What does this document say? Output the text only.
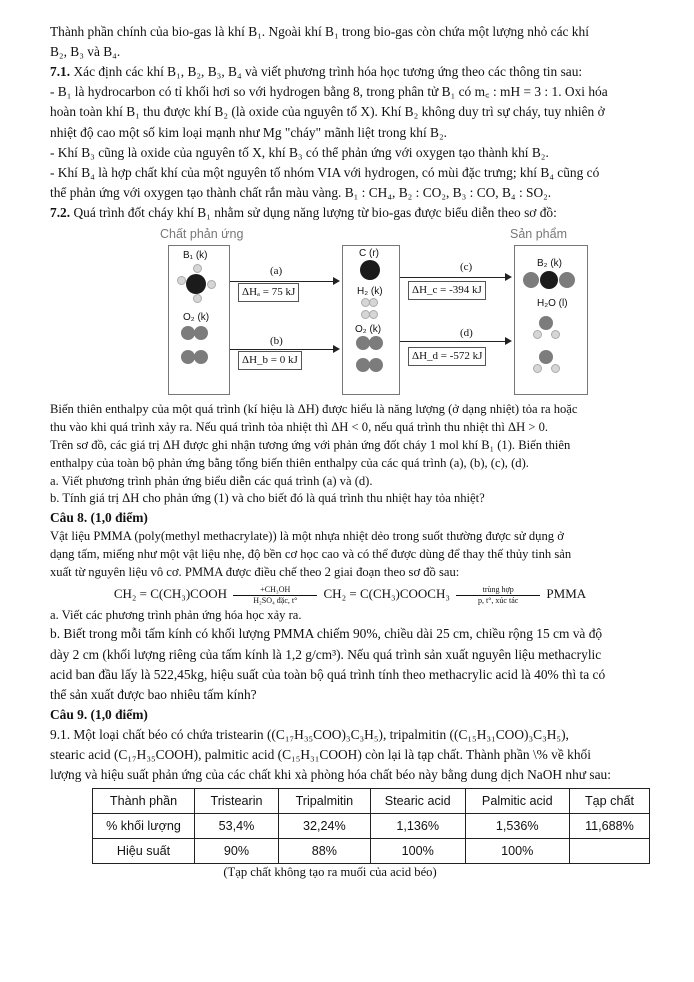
Thành phần chính của bio-gas là khí B₁. Ngoài khí B₁ trong bio-gas còn chứa một lượng nhỏ các khí

B₂, B₃ và B₄.

7.1. Xác định các khí B₁, B₂, B₃, B₄ và viết phương trình hóa học tương ứng theo các thông tin sau:

- B₁ là hydrocarbon có tỉ khối hơi so với hydrogen bằng 8, trong phân tử B₁ có m꜀ : mH = 3 : 1. Oxi hóa

hoàn toàn khí B₁ thu được khí B₂ (là oxide của nguyên tố X). Khí B₂ không duy trì sự cháy, tuy nhiên ở

nhiệt độ cao một số kim loại mạnh như Mg "cháy" mãnh liệt trong khí B₂.

- Khí B₃ cũng là oxide của nguyên tố X, khí B₃ có thể phản ứng với oxygen tạo thành khí B₂.

- Khí B₄ là hợp chất khí của một nguyên tố nhóm VIA với hydrogen, có mùi đặc trưng; khí B₄ cũng có

thể phản ứng với oxygen tạo thành chất rắn màu vàng. B₁ : CH₄, B₂ : CO₂, B₃ : CO, B₄ : SO₂.

7.2. Quá trình đốt cháy khí B₁ nhằm sử dụng năng lượng từ bio-gas được biểu diễn theo sơ đồ:

Chất phản ứng	Sản phẩm
B₁ (k)
O₂ (k)
(a)
ΔHₐ = 75 kJ
(b)
ΔH_b = 0 kJ
C (r)
H₂ (k)
O₂ (k)
(c)
ΔH_c = -394 kJ
(d)
ΔH_d = -572 kJ
B₂ (k)
H₂O (l)

Biến thiên enthalpy của một quá trình (kí hiệu là ΔH) được hiểu là năng lượng (ở dạng nhiệt) tỏa ra hoặc

thu vào khi quá trình xảy ra. Nếu quá trình tỏa nhiệt thì ΔH < 0, nếu quá trình thu nhiệt thì ΔH > 0.

Trên sơ đồ, các giá trị ΔH được ghi nhận tương ứng với phản ứng đốt cháy 1 mol khí B₁ (1). Biến thiên

enthalpy của toàn bộ phản ứng bằng tổng biến thiên enthalpy của các quá trình (a), (b), (c), (d).

a. Viết phương trình phản ứng biểu diễn các quá trình (a) và (d).

b. Tính giá trị ΔH cho phản ứng (1) và cho biết đó là quá trình thu nhiệt hay tỏa nhiệt?

Câu 8. (1,0 điểm)

Vật liệu PMMA (poly(methyl methacrylate)) là một nhựa nhiệt dẻo trong suốt thường được sử dụng ở

dạng tấm, miếng như một vật liệu nhẹ, độ bền cơ học cao và có thể được dùng để thay thế thủy tinh sản

xuất từ nguyên liệu vô cơ. PMMA được điều chế theo 2 giai đoạn theo sơ đồ sau:

CH₂ = C(CH₃)COOH	+CH₃OH
H₂SO₄ đặc, t°	CH₂ = C(CH₃)COOCH₃	trùng hợp
p, t°, xúc tác	PMMA

a. Viết các phương trình phản ứng hóa học xảy ra.

b. Biết trong mỗi tấm kính có khối lượng PMMA chiếm 90%, chiều dài 25 cm, chiều rộng 15 cm và độ

dày 2 cm (khối lượng riêng của tấm kính là 1,2 g/cm³). Nếu quá trình sản xuất nguyên liệu methacrylic

acid ban đầu lấy là 522,45kg, hiệu suất của toàn bộ quá trình tính theo methacrylic acid là 40% thì ta có

thể sản xuất được bao nhiêu tấm kính?

Câu 9. (1,0 điểm)

9.1. Một loại chất béo có chứa tristearin ((C₁₇H₃₅COO)₃C₃H₅), tripalmitin ((C₁₅H₃₁COO)₃C₃H₅),

stearic acid (C₁₇H₃₅COOH), palmitic acid (C₁₅H₃₁COOH) còn lại là tạp chất. Thành phần \% về khối

lượng và hiệu suất phản ứng của các chất khi xà phòng hóa chất béo này bằng dung dịch NaOH như sau:

Thành phần	Tristearin	Tripalmitin	Stearic acid	Palmitic acid	Tạp chất
% khối lượng	53,4%	32,24%	1,136%	1,536%	11,688%
Hiệu suất	90%	88%	100%	100%	

(Tạp chất không tạo ra muối của acid béo)
